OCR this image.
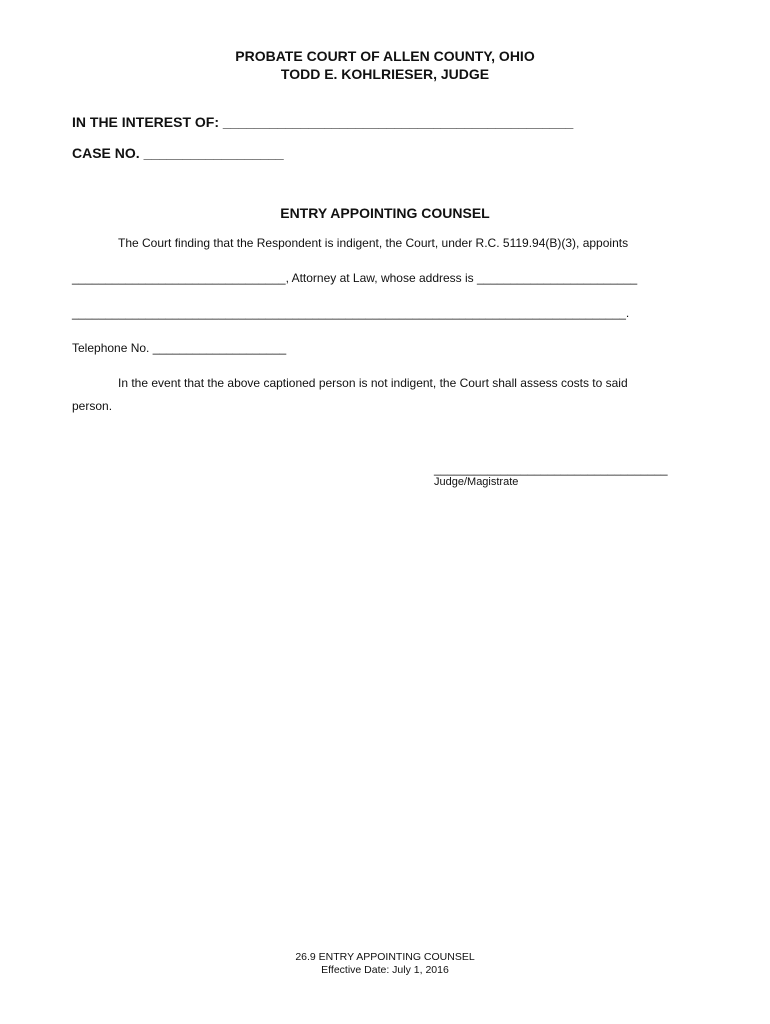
PROBATE COURT OF ALLEN COUNTY, OHIO
TODD E. KOHLRIESER, JUDGE
IN THE INTEREST OF: _____________________________________________
CASE NO. __________________
ENTRY APPOINTING COUNSEL
The Court finding that the Respondent is indigent, the Court, under R.C. 5119.94(B)(3), appoints
________________________________, Attorney at Law, whose address is ________________________
___________________________________________________________________________________.
Telephone No. ____________________
In the event that the above captioned person is not indigent, the Court shall assess costs to said
person.
___________________________________
Judge/Magistrate
26.9 ENTRY APPOINTING COUNSEL
Effective Date: July 1, 2016
